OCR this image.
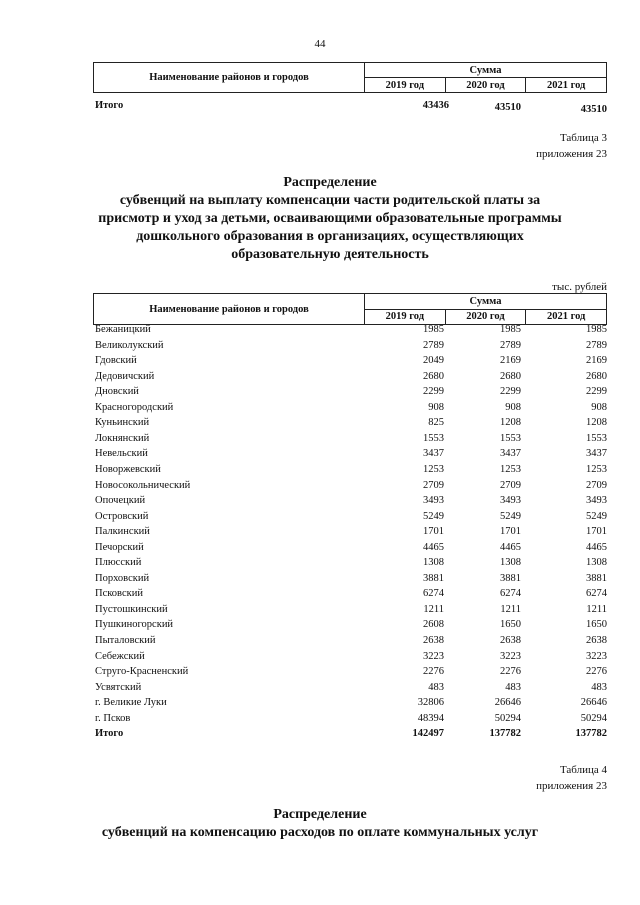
44
Наименование районов и городов	Сумма		
	2019 год	2020 год	2021 год
Итого	43436	43510	43510
Таблица 3
приложения 23
Распределение
субвенций на выплату компенсации части родительской платы за
присмотр и уход за детьми, осваивающими образовательные программы
дошкольного образования в организациях, осуществляющих
образовательную деятельность
тыс. рублей
Наименование районов и городов	Сумма		
	2019 год	2020 год	2021 год
Бежаницкий	1985	1985	1985
Великолукский	2789	2789	2789
Гдовский	2049	2169	2169
Дедовичский	2680	2680	2680
Дновский	2299	2299	2299
Красногородский	908	908	908
Куньинский	825	1208	1208
Локнянский	1553	1553	1553
Невельский	3437	3437	3437
Новоржевский	1253	1253	1253
Новосокольнический	2709	2709	2709
Опочецкий	3493	3493	3493
Островский	5249	5249	5249
Палкинский	1701	1701	1701
Печорский	4465	4465	4465
Плюсский	1308	1308	1308
Порховский	3881	3881	3881
Псковский	6274	6274	6274
Пустошкинский	1211	1211	1211
Пушкиногорский	2608	1650	1650
Пыталовский	2638	2638	2638
Себежский	3223	3223	3223
Струго-Красненский	2276	2276	2276
Усвятский	483	483	483
г. Великие Луки	32806	26646	26646
г. Псков	48394	50294	50294
Итого	142497	137782	137782
Таблица 4
приложения 23
Распределение
субвенций на компенсацию расходов по оплате коммунальных услуг
